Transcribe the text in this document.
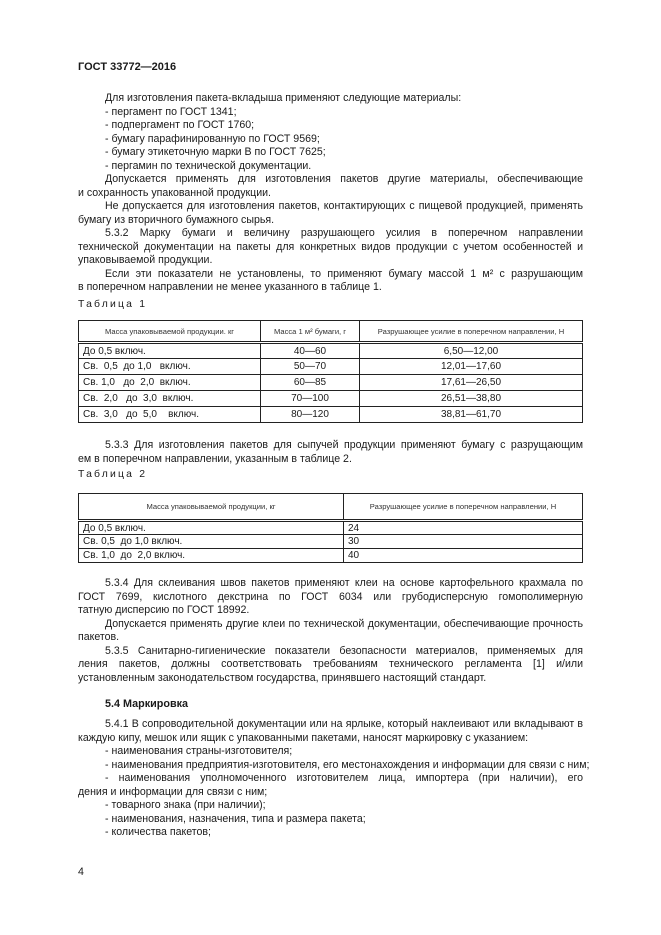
ГОСТ 33772—2016
Для изготовления пакета-вкладыша применяют следующие материалы:
- пергамент по ГОСТ 1341;
- подпергамент по ГОСТ 1760;
- бумагу парафинированную по ГОСТ 9569;
- бумагу этикеточную марки В по ГОСТ 7625;
- пергамин по технической документации.
Допускается применять для изготовления пакетов другие материалы, обеспечивающие
и сохранность упакованной продукции.
Не допускается для изготовления пакетов, контактирующих с пищевой продукцией, применять
бумагу из вторичного бумажного сырья.
5.3.2 Марку бумаги и величину разрушающего усилия в поперечном направлении
технической документации на пакеты для конкретных видов продукции с учетом особенностей и
упаковываемой продукции.
Если эти показатели не установлены, то применяют бумагу массой 1 м² с разрушающим
в поперечном направлении не менее указанного в таблице 1.
Таблица 1
Масса упаковываемой продукции. кг	Масса 1 м² бумаги, г	Разрушающее усилие в поперечном направлении, Н
До 0,5 включ.	40—60	6,50—12,00
Св.  0,5  до 1,0   включ.	50—70	12,01—17,60
Св. 1,0   до  2,0  включ.	60—85	17,61—26,50
Св.  2,0   до  3,0  включ.	70—100	26,51—38,80
Св.  3,0   до  5,0    включ.	80—120	38,81—61,70
5.3.3 Для изготовления пакетов для сыпучей продукции применяют бумагу с разрущающим
ем в поперечном направлении, указанным в таблице 2.
Таблица 2
Масса упаковываемой продукции, кг	Разрушающее усилие в поперечном направлении, Н
До 0,5 включ.	24
Св. 0,5  до 1,0 включ.	30
Св. 1,0  до  2,0 включ.	40
5.3.4 Для склеивания швов пакетов применяют клеи на основе картофельного крахмала по
ГОСТ 7699, кислотного декстрина по ГОСТ 6034 или грубодисперсную гомополимерную
татную дисперсию по ГОСТ 18992.
Допускается применять другие клеи по технической документации, обеспечивающие прочность
пакетов.
5.3.5 Санитарно-гигиенические показатели безопасности материалов, применяемых для
ления пакетов, должны соответствовать требованиям технического регламента [1] и/или
установленным законодательством государства, принявшего настоящий стандарт.
5.4 Маркировка
5.4.1 В сопроводительной документации или на ярлыке, который наклеивают или вкладывают в
каждую кипу, мешок или ящик с упакованными пакетами, наносят маркировку с указанием:
- наименования страны-изготовителя;
- наименования предприятия-изготовителя, его местонахождения и информации для связи с ним;
- наименования уполномоченного изготовителем лица, импортера (при наличии), его
дения и информации для связи с ним;
- товарного знака (при наличии);
- наименования, назначения, типа и размера пакета;
- количества пакетов;
4
